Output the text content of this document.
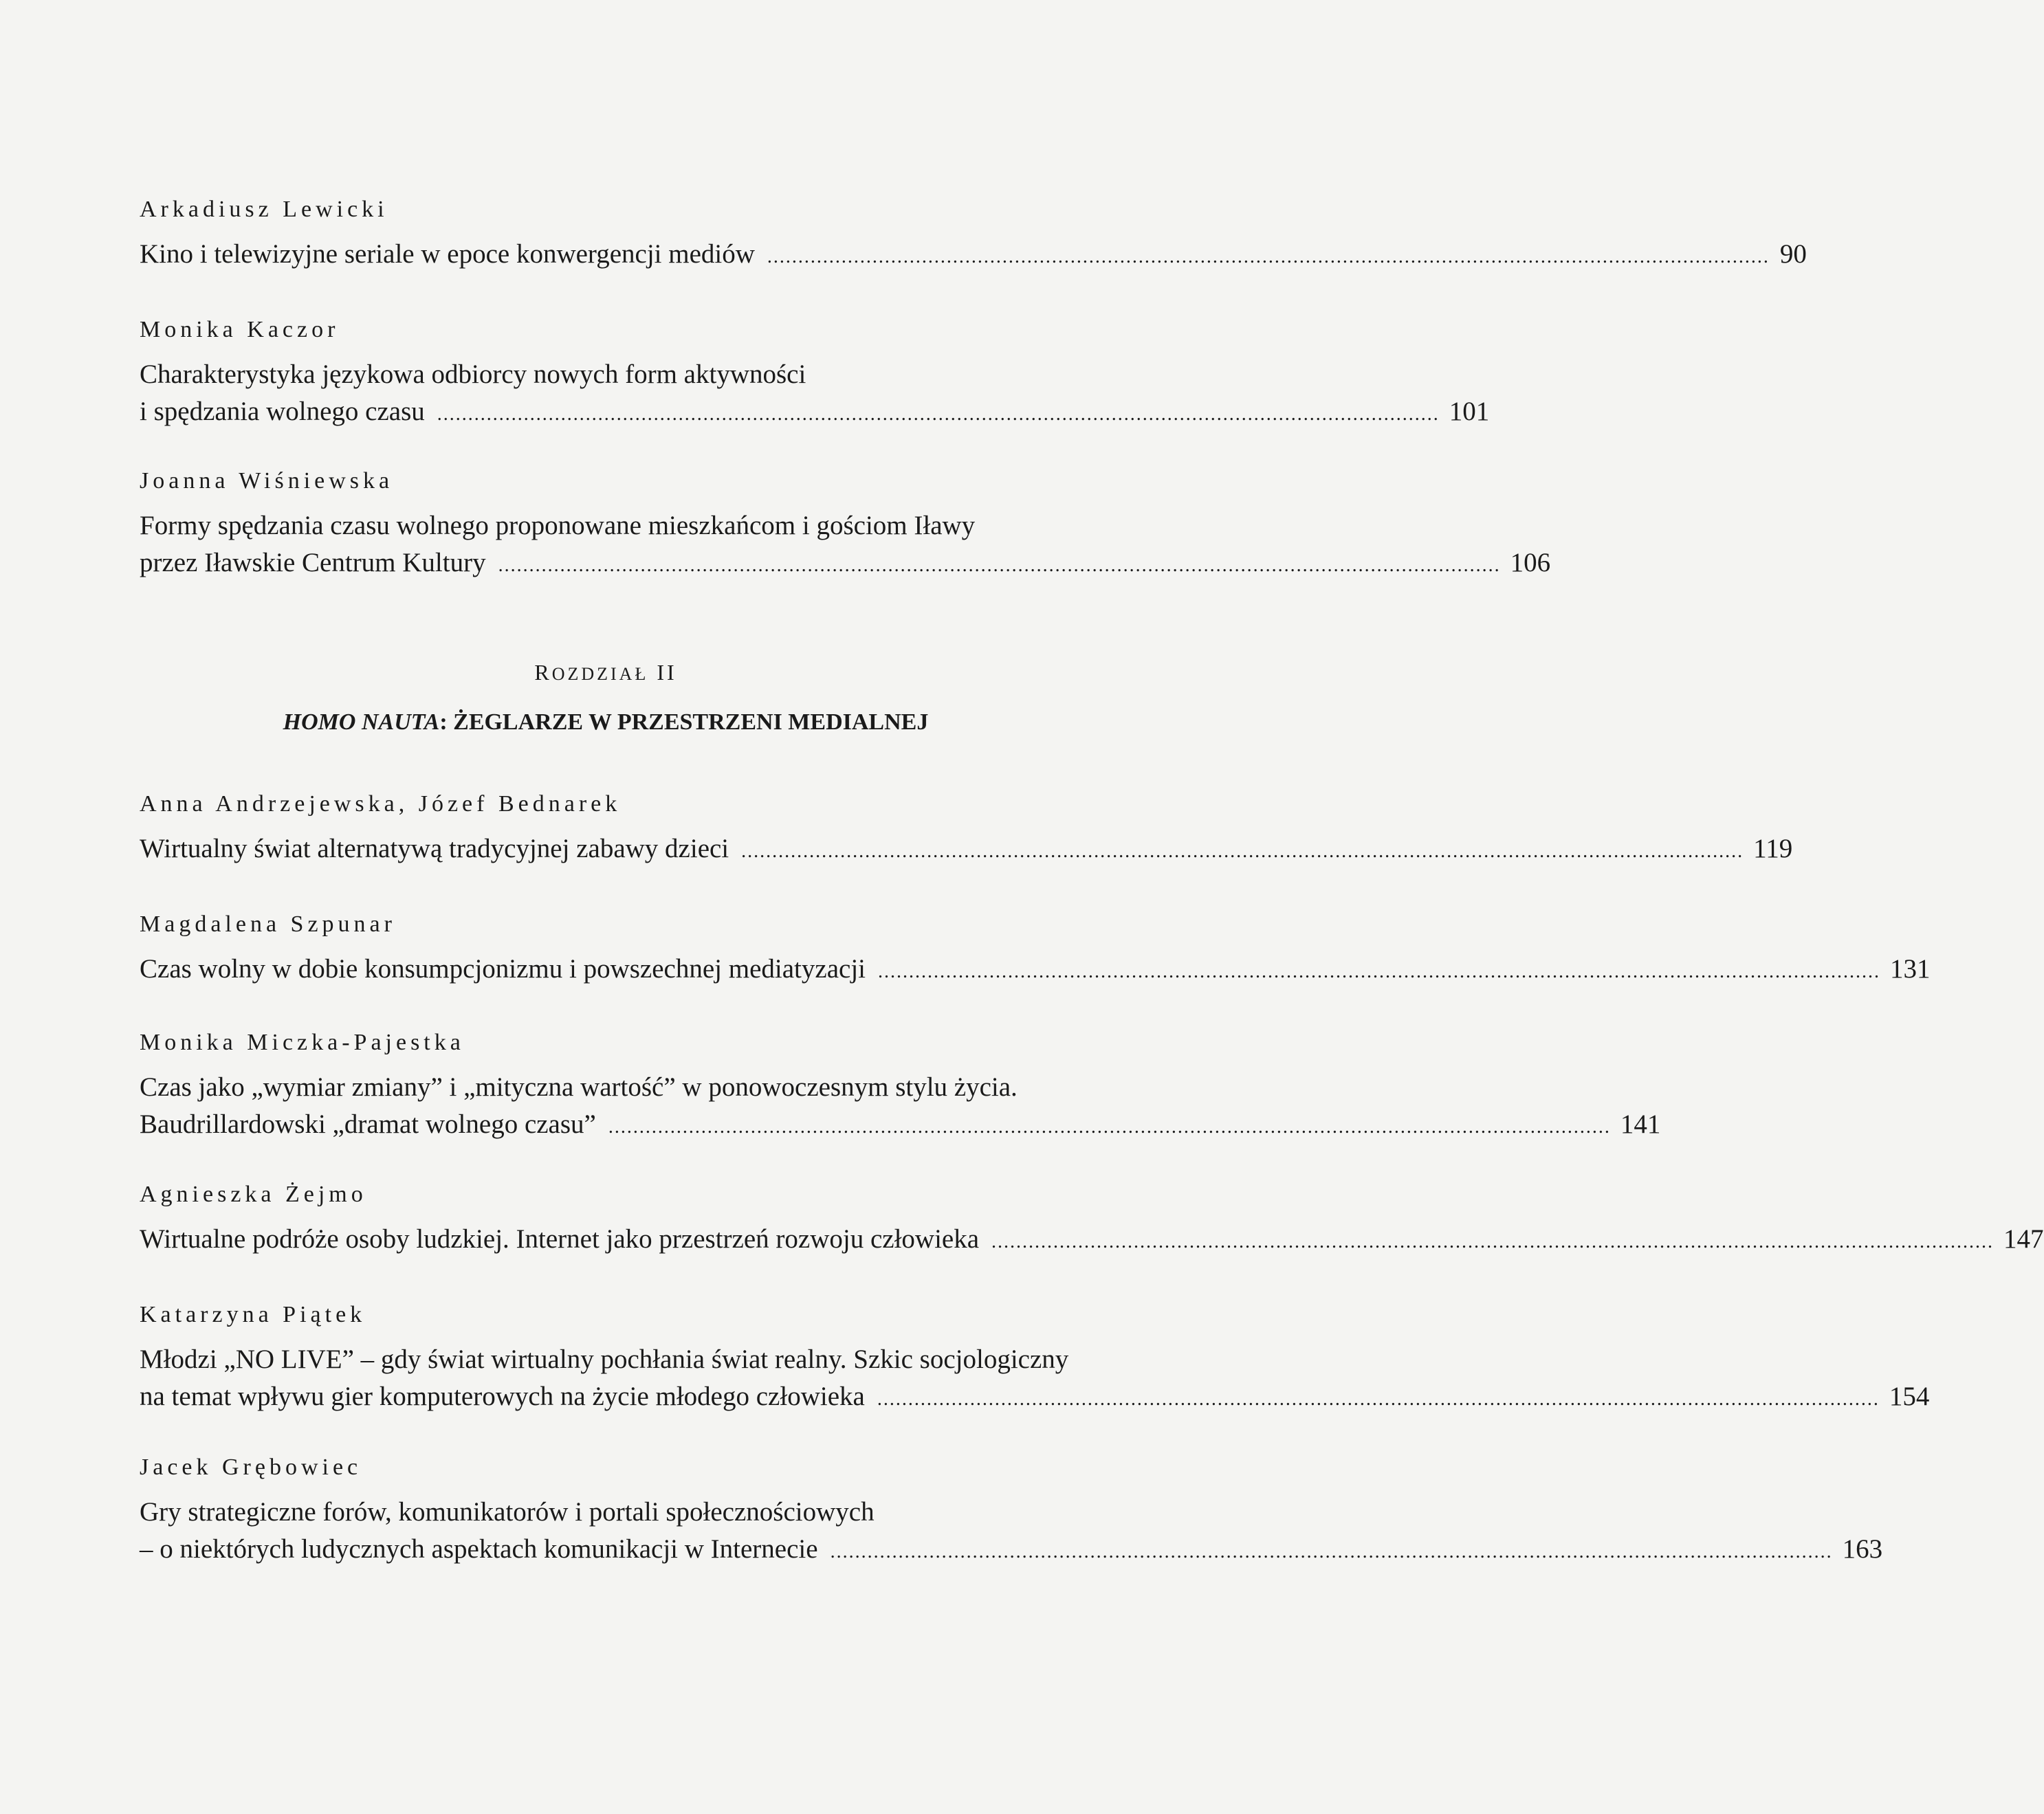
Arkadiusz Lewicki
Kino i telewizyjne seriale w epoce konwergencji mediów .................................................................................................................................................................. 90
Monika Kaczor
Charakterystyka językowa odbiorcy nowych form aktywności
i spędzania wolnego czasu .................................................................................................................................................................. 101
Joanna Wiśniewska
Formy spędzania czasu wolnego proponowane mieszkańcom i gościom Iławy
przez Iławskie Centrum Kultury .................................................................................................................................................................. 106
ROZDZIAŁ II
HOMO NAUTA: ŻEGLARZE W PRZESTRZENI MEDIALNEJ
Anna Andrzejewska, Józef Bednarek
Wirtualny świat alternatywą tradycyjnej zabawy dzieci .................................................................................................................................................................. 119
Magdalena Szpunar
Czas wolny w dobie konsumpcjonizmu i powszechnej mediatyzacji .................................................................................................................................................................. 131
Monika Miczka-Pajestka
Czas jako „wymiar zmiany” i „mityczna wartość” w ponowoczesnym stylu życia.
Baudrillardowski „dramat wolnego czasu” .................................................................................................................................................................. 141
Agnieszka Żejmo
Wirtualne podróże osoby ludzkiej. Internet jako przestrzeń rozwoju człowieka .................................................................................................................................................................. 147
Katarzyna Piątek
Młodzi „NO LIVE” – gdy świat wirtualny pochłania świat realny. Szkic socjologiczny
na temat wpływu gier komputerowych na życie młodego człowieka .................................................................................................................................................................. 154
Jacek Grębowiec
Gry strategiczne forów, komunikatorów i portali społecznościowych
– o niektórych ludycznych aspektach komunikacji w Internecie .................................................................................................................................................................. 163
